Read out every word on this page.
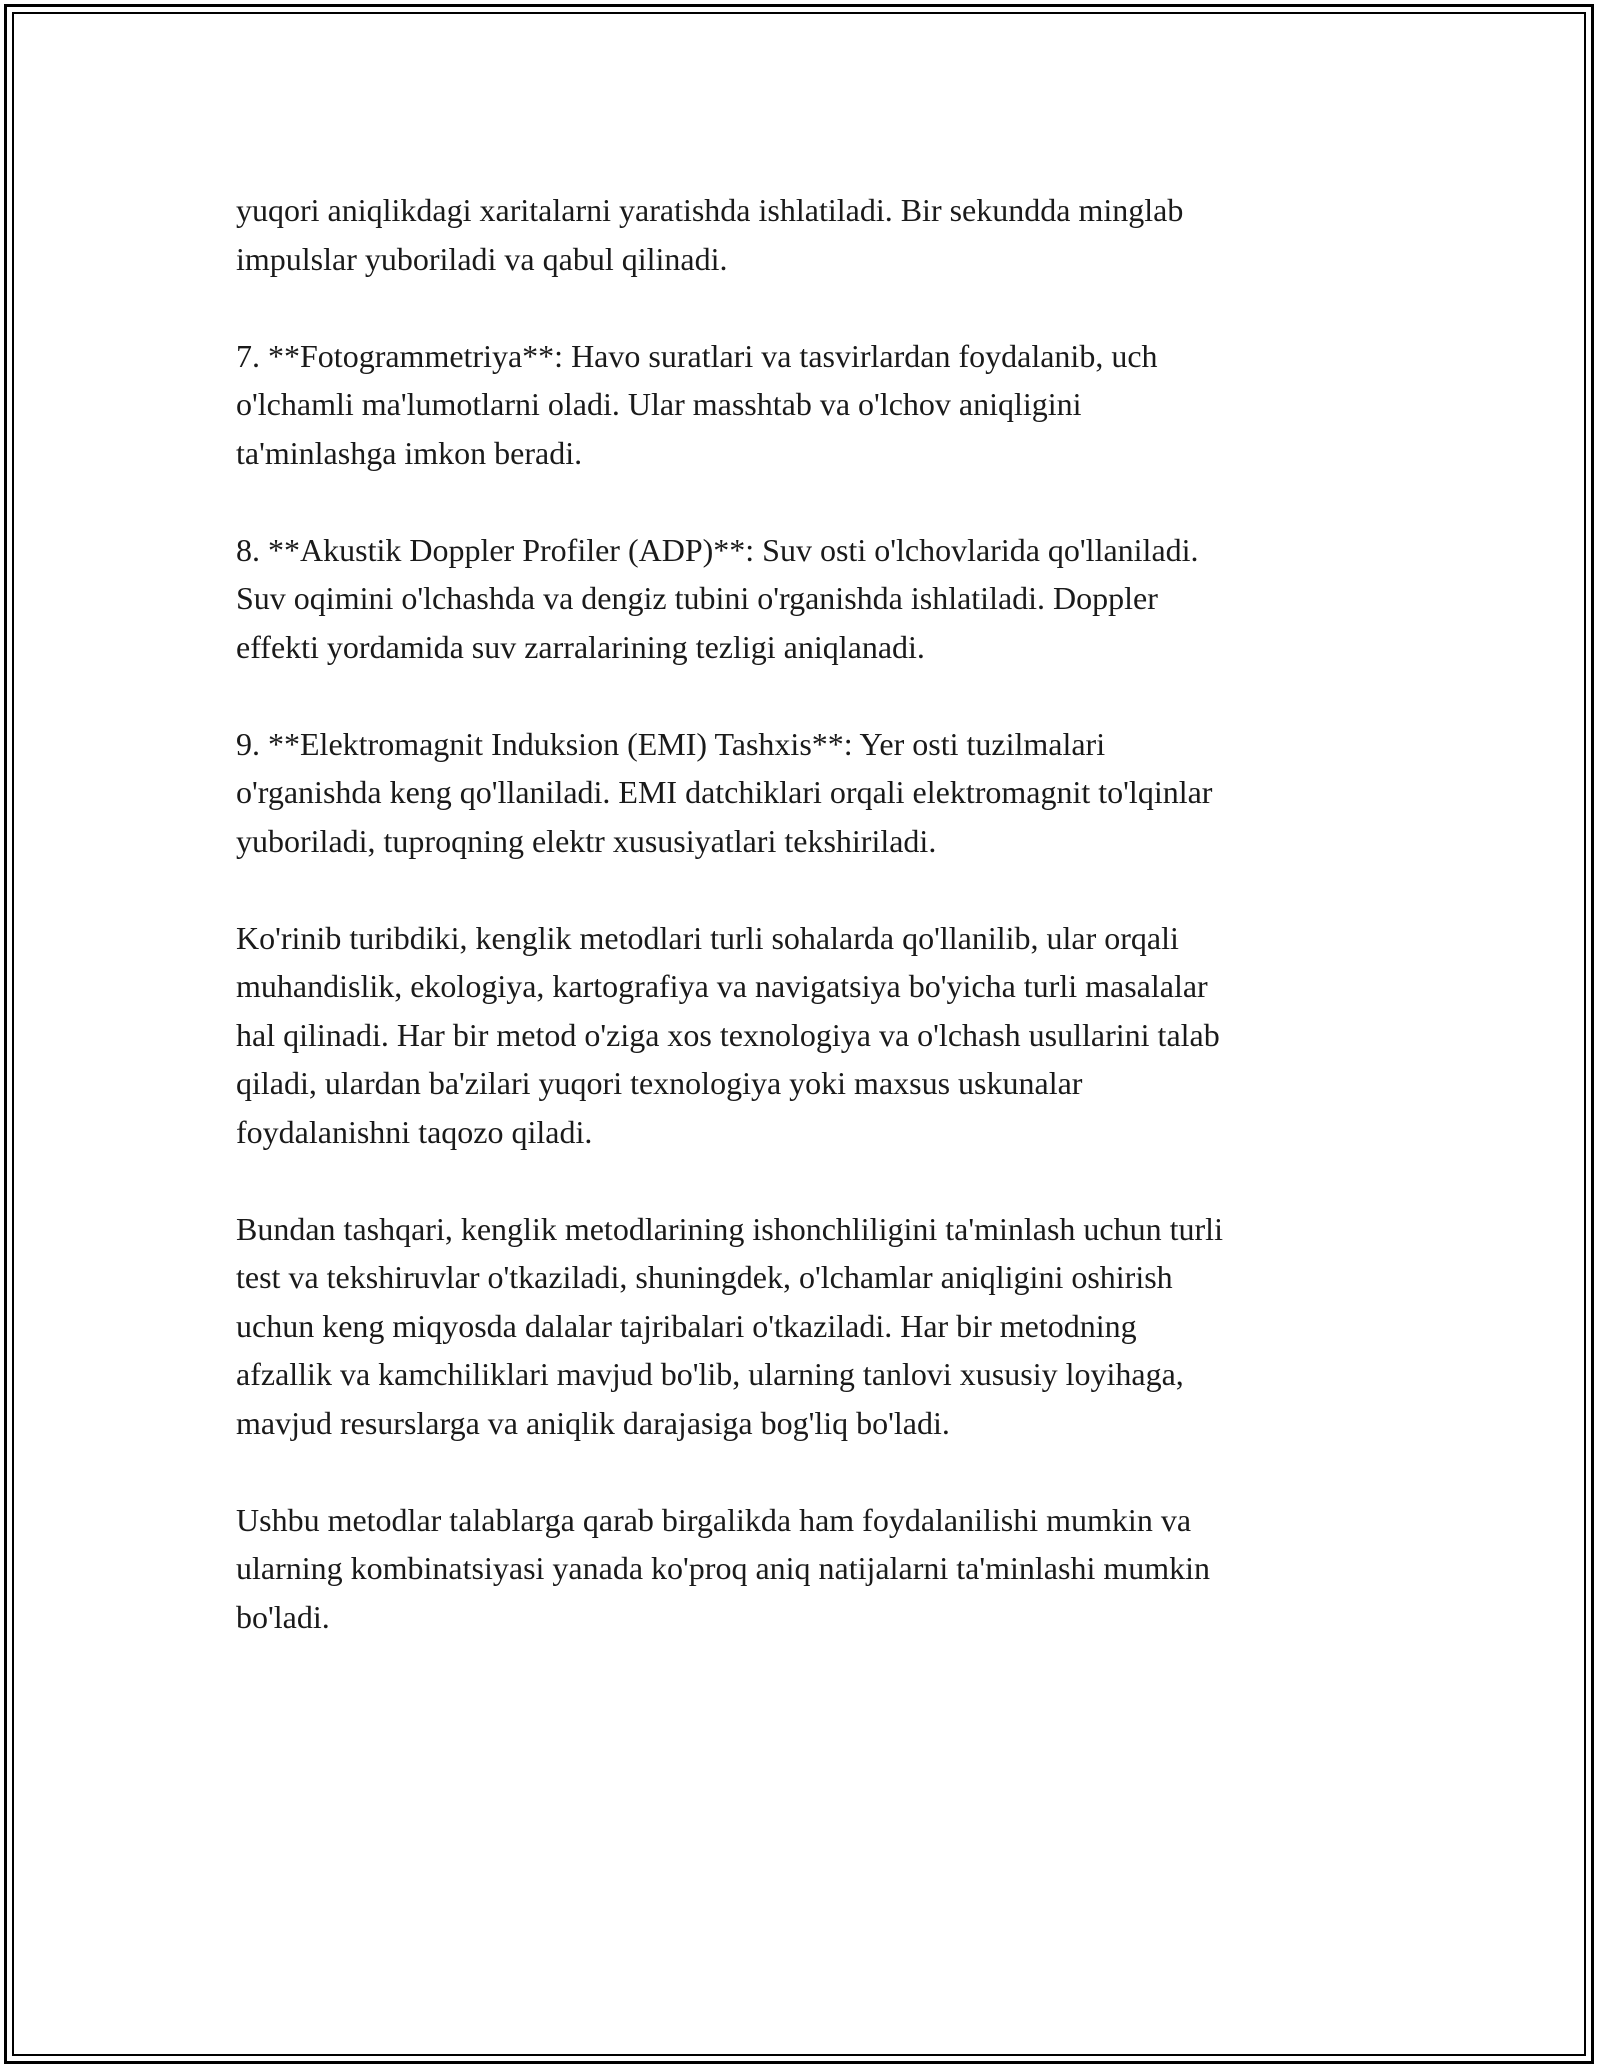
yuqori aniqlikdagi xaritalarni yaratishda ishlatiladi. Bir sekundda minglab
impulslar yuboriladi va qabul qilinadi.

7. **Fotogrammetriya**: Havo suratlari va tasvirlardan foydalanib, uch
o'lchamli ma'lumotlarni oladi. Ular masshtab va o'lchov aniqligini
ta'minlashga imkon beradi.

8. **Akustik Doppler Profiler (ADP)**: Suv osti o'lchovlarida qo'llaniladi.
Suv oqimini o'lchashda va dengiz tubini o'rganishda ishlatiladi. Doppler
effekti yordamida suv zarralarining tezligi aniqlanadi.

9. **Elektromagnit Induksion (EMI) Tashxis**: Yer osti tuzilmalari
o'rganishda keng qo'llaniladi. EMI datchiklari orqali elektromagnit to'lqinlar
yuboriladi, tuproqning elektr xususiyatlari tekshiriladi.

Ko'rinib turibdiki, kenglik metodlari turli sohalarda qo'llanilib, ular orqali
muhandislik, ekologiya, kartografiya va navigatsiya bo'yicha turli masalalar
hal qilinadi. Har bir metod o'ziga xos texnologiya va o'lchash usullarini talab
qiladi, ulardan ba'zilari yuqori texnologiya yoki maxsus uskunalar
foydalanishni taqozo qiladi.

Bundan tashqari, kenglik metodlarining ishonchliligini ta'minlash uchun turli
test va tekshiruvlar o'tkaziladi, shuningdek, o'lchamlar aniqligini oshirish
uchun keng miqyosda dalalar tajribalari o'tkaziladi. Har bir metodning
afzallik va kamchiliklari mavjud bo'lib, ularning tanlovi xususiy loyihaga,
mavjud resurslarga va aniqlik darajasiga bog'liq bo'ladi.

Ushbu metodlar talablarga qarab birgalikda ham foydalanilishi mumkin va
ularning kombinatsiyasi yanada ko'proq aniq natijalarni ta'minlashi mumkin
bo'ladi.
